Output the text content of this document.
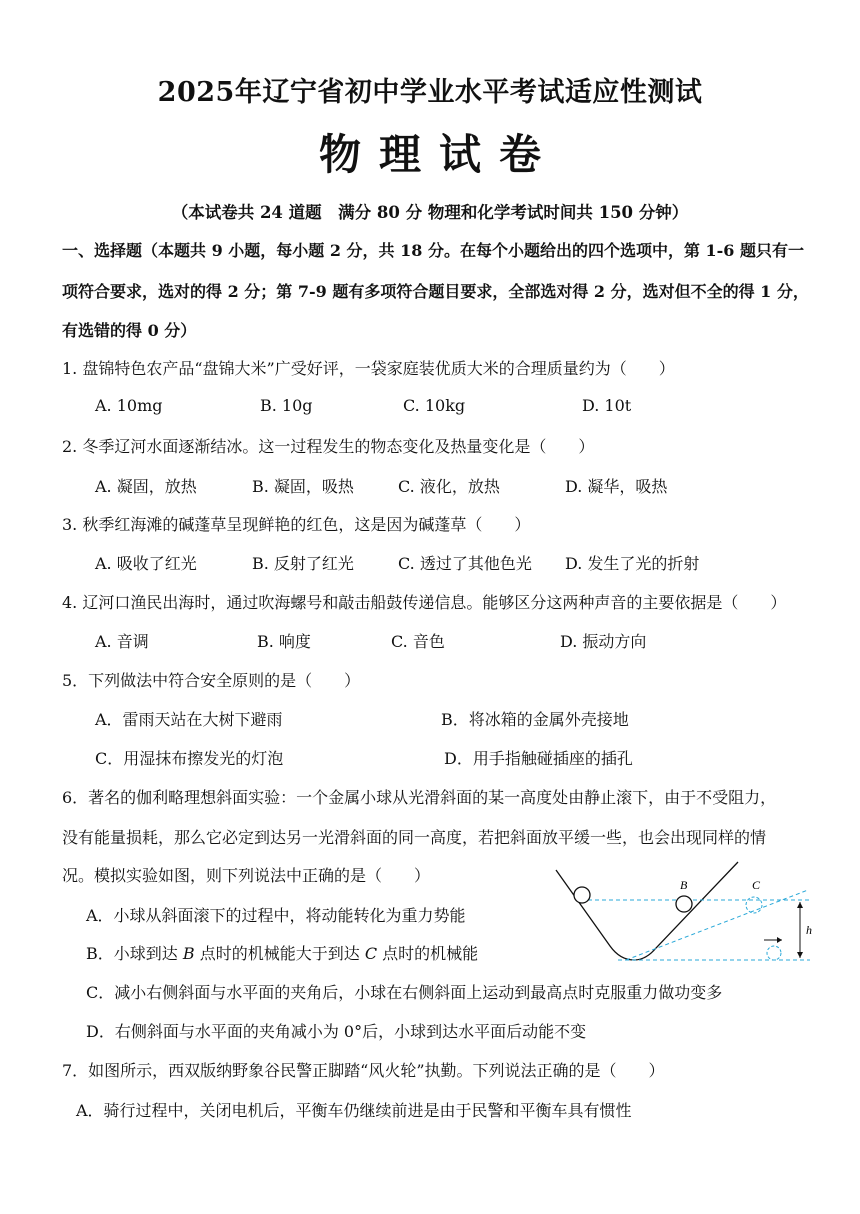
2025年辽宁省初中学业水平考试适应性测试
物理试卷
（本试卷共 24 道题　满分 80 分 物理和化学考试时间共 150 分钟）
一、选择题（本题共 9 小题，每小题 2 分，共 18 分。在每个小题给出的四个选项中，第 1-6 题只有一
项符合要求，选对的得 2 分；第 7-9 题有多项符合题目要求，全部选对得 2 分，选对但不全的得 1 分，
有选错的得 0 分）
1. 盘锦特色农产品“盘锦大米”广受好评，一袋家庭装优质大米的合理质量约为（　　）
A. 10mg	B. 10g	C. 10kg	D. 10t
2. 冬季辽河水面逐渐结冰。这一过程发生的物态变化及热量变化是（　　）
A. 凝固，放热	B. 凝固，吸热	C. 液化，放热	D. 凝华，吸热
3. 秋季红海滩的碱蓬草呈现鲜艳的红色，这是因为碱蓬草（　　）
A. 吸收了红光	B. 反射了红光	C. 透过了其他色光 D. 发生了光的折射
4. 辽河口渔民出海时，通过吹海螺号和敲击船鼓传递信息。能够区分这两种声音的主要依据是（　　）
A. 音调	B. 响度	C. 音色	D. 振动方向
5．下列做法中符合安全原则的是（　　）
A．雷雨天站在大树下避雨	B．将冰箱的金属外壳接地
C．用湿抹布擦发光的灯泡	D．用手指触碰插座的插孔
6．著名的伽利略理想斜面实验：一个金属小球从光滑斜面的某一高度处由静止滚下，由于不受阻力，
没有能量损耗，那么它必定到达另一光滑斜面的同一高度，若把斜面放平缓一些，也会出现同样的情
况。模拟实验如图，则下列说法中正确的是（　　）
A．小球从斜面滚下的过程中，将动能转化为重力势能
B．小球到达 B 点时的机械能大于到达 C 点时的机械能
C．减小右侧斜面与水平面的夹角后，小球在右侧斜面上运动到最高点时克服重力做功变多
D．右侧斜面与水平面的夹角减小为 0°后，小球到达水平面后动能不变
B	C
h
7．如图所示，西双版纳野象谷民警正脚踏“风火轮”执勤。下列说法正确的是（　　）
A．骑行过程中，关闭电机后，平衡车仍继续前进是由于民警和平衡车具有惯性
